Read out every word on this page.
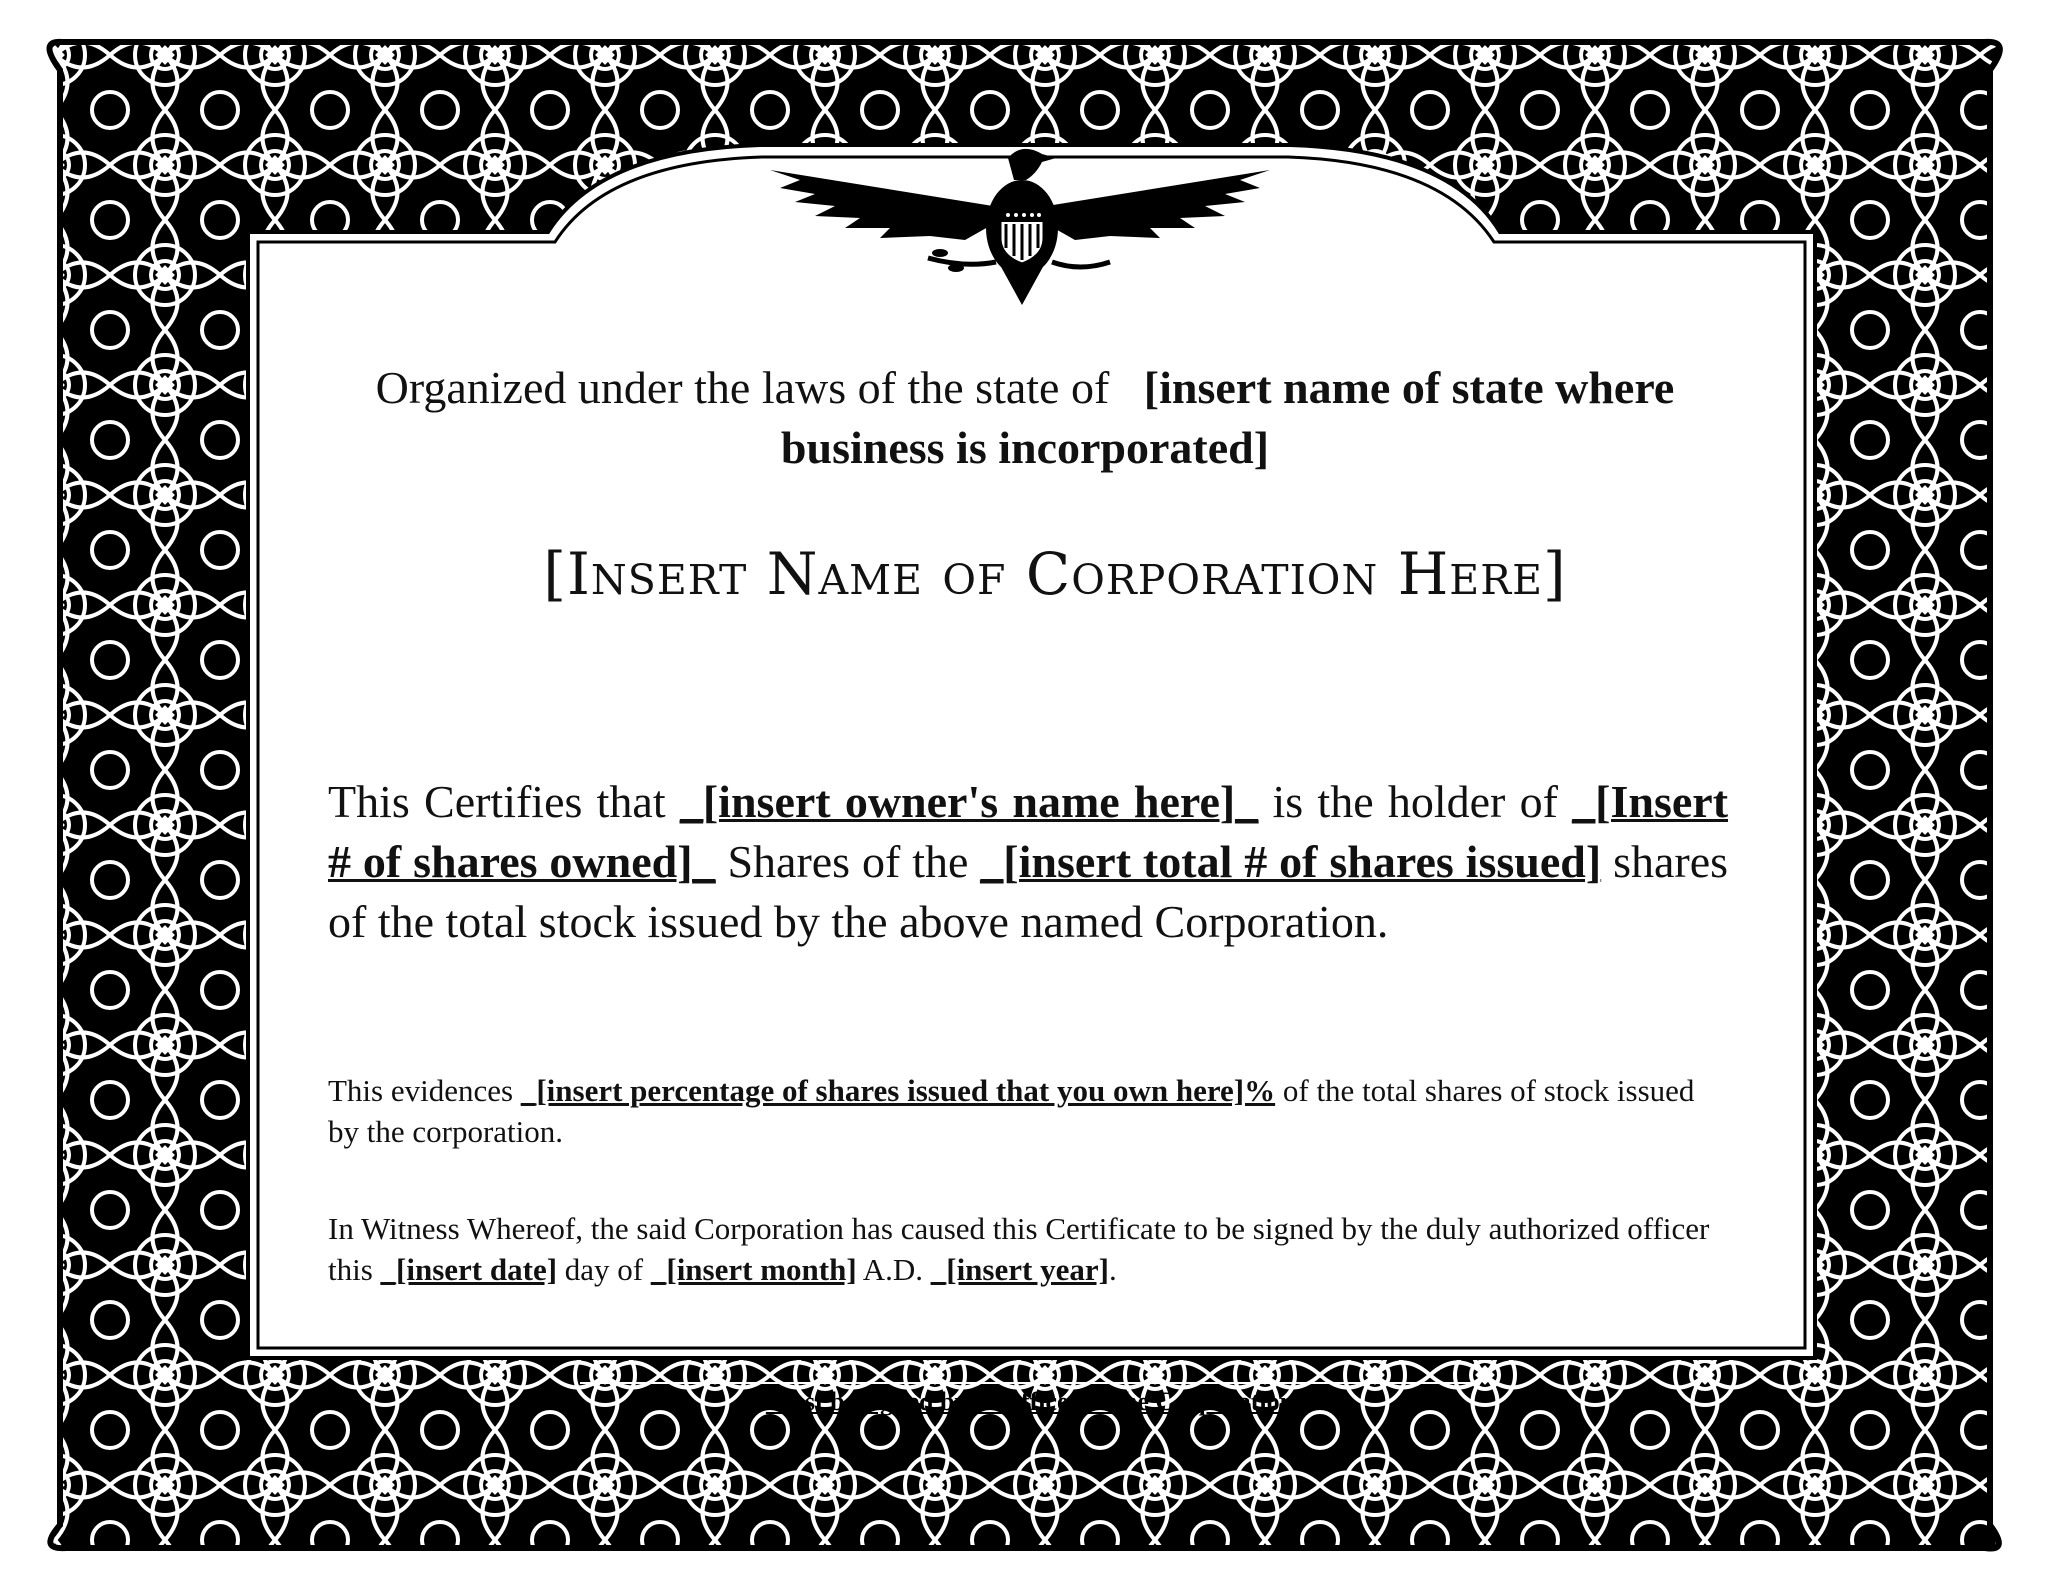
Organized under the laws of the state of [insert name of state where business is incorporated]
[Insert Name of Corporation Here]
This Certifies that _[insert owner's name here]_ is the holder of _[Insert # of shares owned]_ Shares of the _[insert total # of shares issued] shares of the total stock issued by the above named Corporation.
This evidences _[insert percentage of shares issued that you own here]% of the total shares of stock issued by the corporation.
In Witness Whereof, the said Corporation has caused this Certificate to be signed by the duly authorized officer this _[insert date] day of _[insert month] A.D. _[insert year].
Must be signed by an officer of the Corporation
